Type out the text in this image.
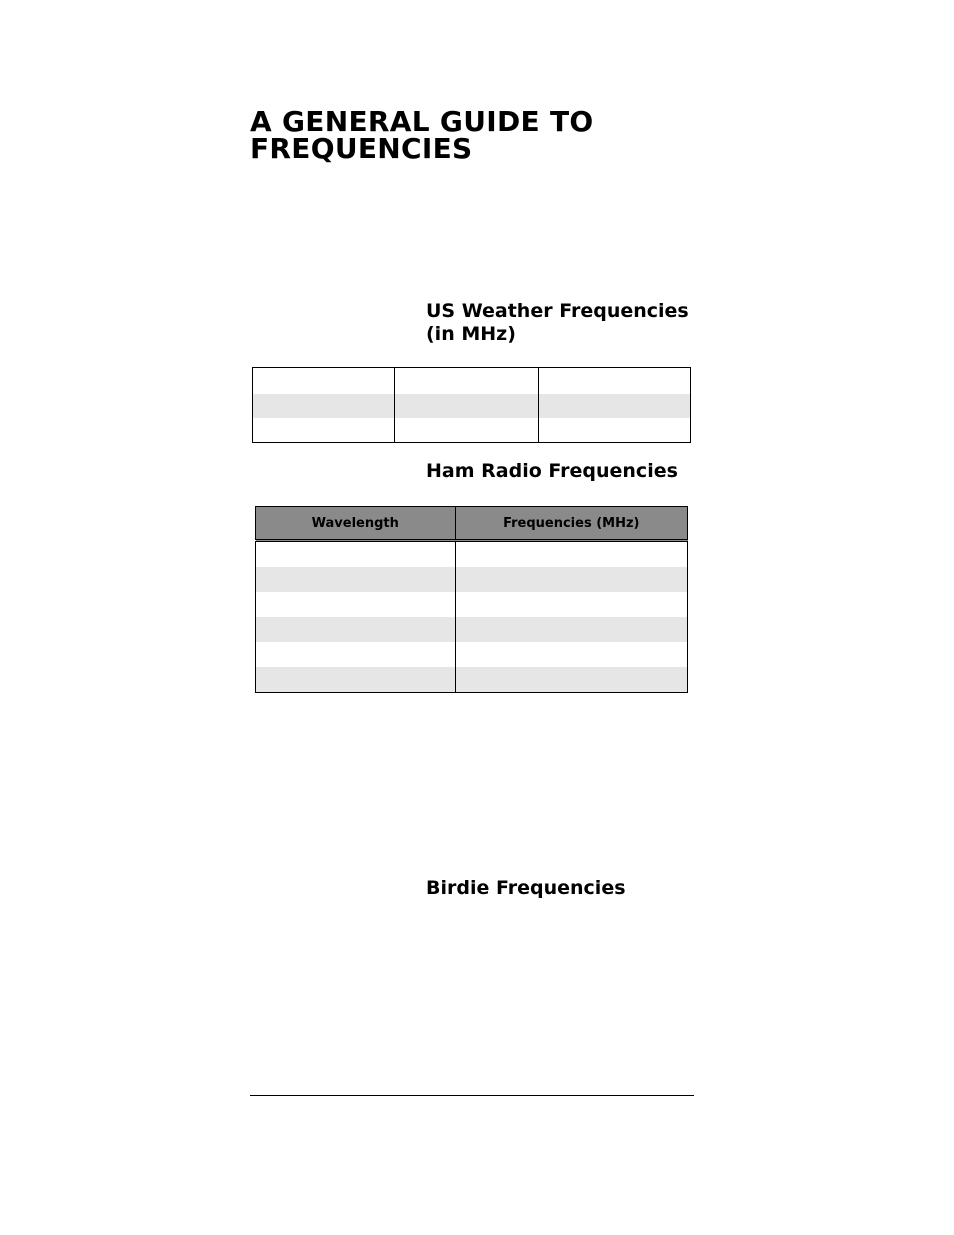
A GENERAL GUIDE TO FREQUENCIES
US Weather Frequencies (in MHz)

Ham Radio Frequencies
Wavelength	Frequencies (MHz)

Birdie Frequencies
